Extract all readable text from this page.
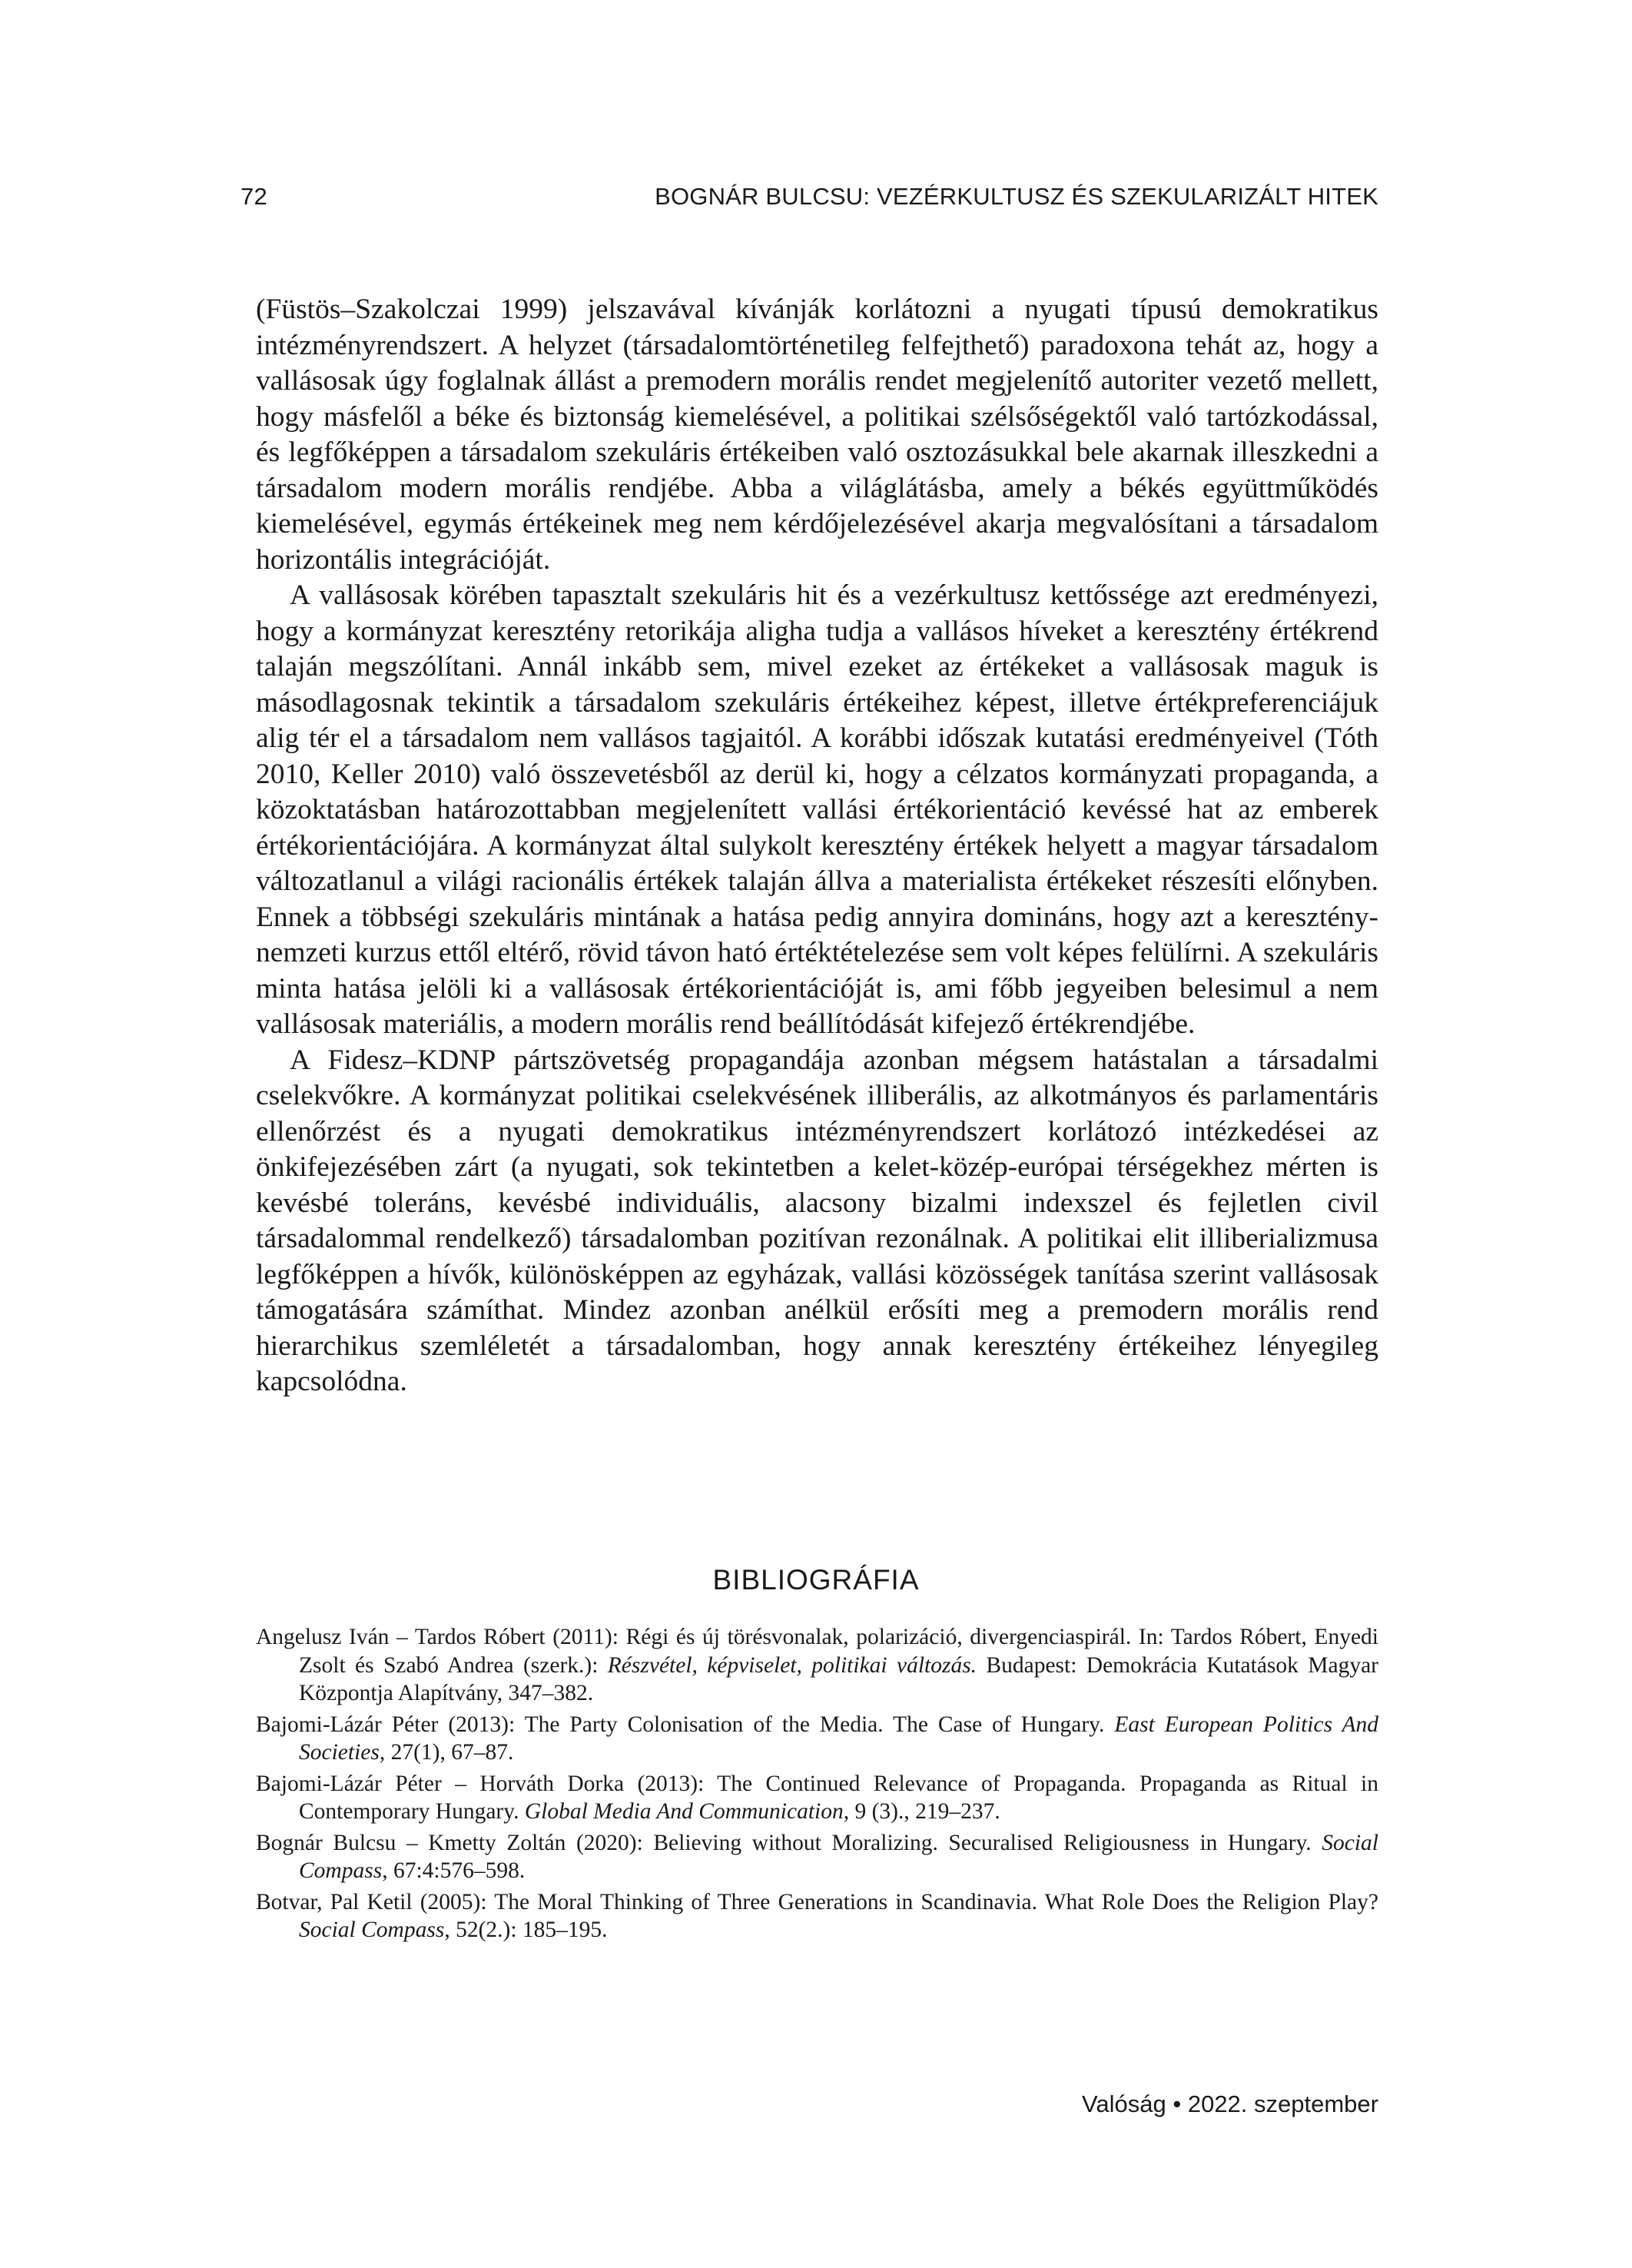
72	BOGNÁR BULCSU: VEZÉRKULTUSZ ÉS SZEKULARIZÁLT HITEK

(Füstös–Szakolczai 1999) jelszavával kívánják korlátozni a nyugati típusú demokratikus intézményrendszert. A helyzet (társadalomtörténetileg felfejthető) paradoxona tehát az, hogy a vallásosak úgy foglalnak állást a premodern morális rendet megjelenítő autoriter vezető mellett, hogy másfelől a béke és biztonság kiemelésével, a politikai szélsőségektől való tartózkodással, és legfőképpen a társadalom szekuláris értékeiben való osztozásukkal bele akarnak illeszkedni a társadalom modern morális rendjébe. Abba a világlátásba, amely a békés együttműködés kiemelésével, egymás értékeinek meg nem kérdőjelezésével akarja megvalósítani a társadalom horizontális integrációját.

A vallásosak körében tapasztalt szekuláris hit és a vezérkultusz kettőssége azt eredményezi, hogy a kormányzat keresztény retorikája aligha tudja a vallásos híveket a keresztény értékrend talaján megszólítani. Annál inkább sem, mivel ezeket az értékeket a vallásosak maguk is másodlagosnak tekintik a társadalom szekuláris értékeihez képest, illetve értékpreferenciájuk alig tér el a társadalom nem vallásos tagjaitól. A korábbi időszak kutatási eredményeivel (Tóth 2010, Keller 2010) való összevetésből az derül ki, hogy a célzatos kormányzati propaganda, a közoktatásban határozottabban megjelenített vallási értékorientáció kevéssé hat az emberek értékorientációjára. A kormányzat által sulykolt keresztény értékek helyett a magyar társadalom változatlanul a világi racionális értékek talaján állva a materialista értékeket részesíti előnyben. Ennek a többségi szekuláris mintának a hatása pedig annyira domináns, hogy azt a keresztény-nemzeti kurzus ettől eltérő, rövid távon ható értéktételezése sem volt képes felülírni. A szekuláris minta hatása jelöli ki a vallásosak értékorientációját is, ami főbb jegyeiben belesimul a nem vallásosak materiális, a modern morális rend beállítódását kifejező értékrendjébe.

A Fidesz–KDNP pártszövetség propagandája azonban mégsem hatástalan a társadalmi cselekvőkre. A kormányzat politikai cselekvésének illiberális, az alkotmányos és parlamentáris ellenőrzést és a nyugati demokratikus intézményrendszert korlátozó intézkedései az önkifejezésében zárt (a nyugati, sok tekintetben a kelet-közép-európai térségekhez mérten is kevésbé toleráns, kevésbé individuális, alacsony bizalmi indexszel és fejletlen civil társadalommal rendelkező) társadalomban pozitívan rezonálnak. A politikai elit illiberializmusa legfőképpen a hívők, különösképpen az egyházak, vallási közösségek tanítása szerint vallásosak támogatására számíthat. Mindez azonban anélkül erősíti meg a premodern morális rend hierarchikus szemléletét a társadalomban, hogy annak keresztény értékeihez lényegileg kapcsolódna.

BIBLIOGRÁFIA

Angelusz Iván – Tardos Róbert (2011): Régi és új törésvonalak, polarizáció, divergenciaspirál. In: Tardos Róbert, Enyedi Zsolt és Szabó Andrea (szerk.): Részvétel, képviselet, politikai változás. Budapest: Demokrácia Kutatások Magyar Központja Alapítvány, 347–382.

Bajomi-Lázár Péter (2013): The Party Colonisation of the Media. The Case of Hungary. East European Politics And Societies, 27(1), 67–87.

Bajomi-Lázár Péter – Horváth Dorka (2013): The Continued Relevance of Propaganda. Propaganda as Ritual in Contemporary Hungary. Global Media And Communication, 9 (3)., 219–237.

Bognár Bulcsu – Kmetty Zoltán (2020): Believing without Moralizing. Securalised Religiousness in Hungary. Social Compass, 67:4:576–598.

Botvar, Pal Ketil (2005): The Moral Thinking of Three Generations in Scandinavia. What Role Does the Religion Play? Social Compass, 52(2.): 185–195.

Valóság • 2022. szeptember
